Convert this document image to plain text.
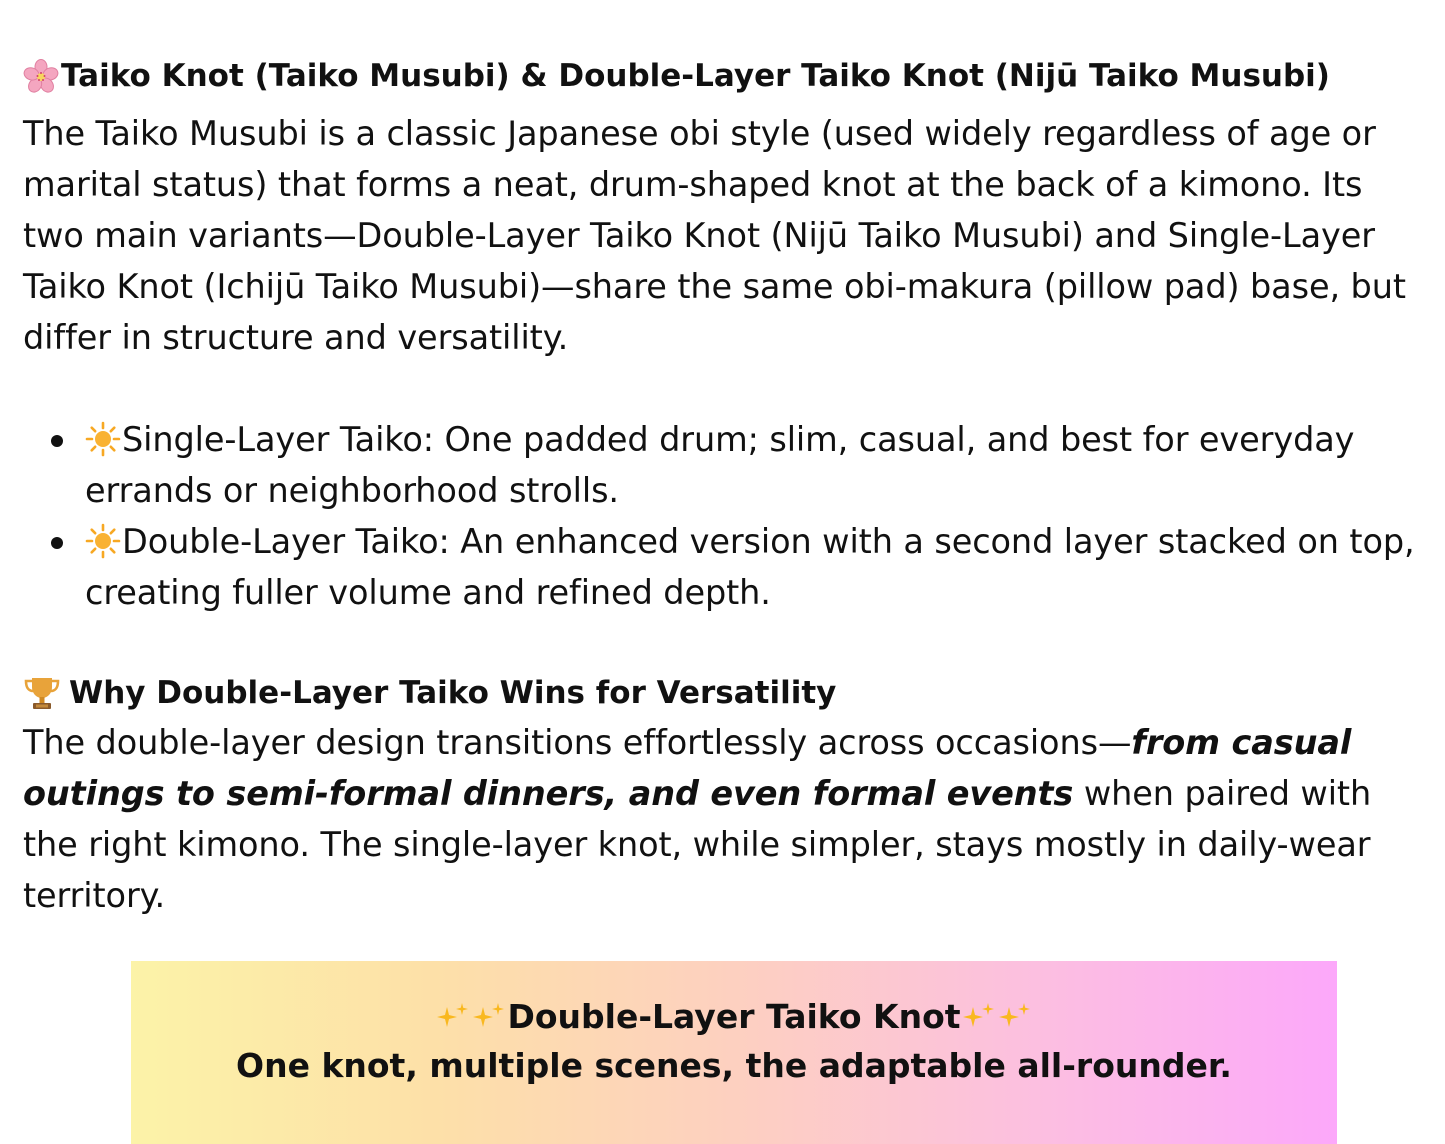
Taiko Knot (Taiko Musubi) & Double-Layer Taiko Knot (Nijū Taiko Musubi)

The Taiko Musubi is a classic Japanese obi style (used widely regardless of age or marital status) that forms a neat, drum-shaped knot at the back of a kimono. Its two main variants—Double-Layer Taiko Knot (Nijū Taiko Musubi) and Single-Layer Taiko Knot (Ichijū Taiko Musubi)—share the same obi-makura (pillow pad) base, but differ in structure and versatility.

Single-Layer Taiko: One padded drum; slim, casual, and best for everyday errands or neighborhood strolls.
Double-Layer Taiko: An enhanced version with a second layer stacked on top, creating fuller volume and refined depth.
Why Double-Layer Taiko Wins for Versatility

The double-layer design transitions effortlessly across occasions—from casual outings to semi-formal dinners, and even formal events when paired with the right kimono. The single-layer knot, while simpler, stays mostly in daily-wear territory.

Double-Layer Taiko Knot
One knot, multiple scenes, the adaptable all-rounder.
